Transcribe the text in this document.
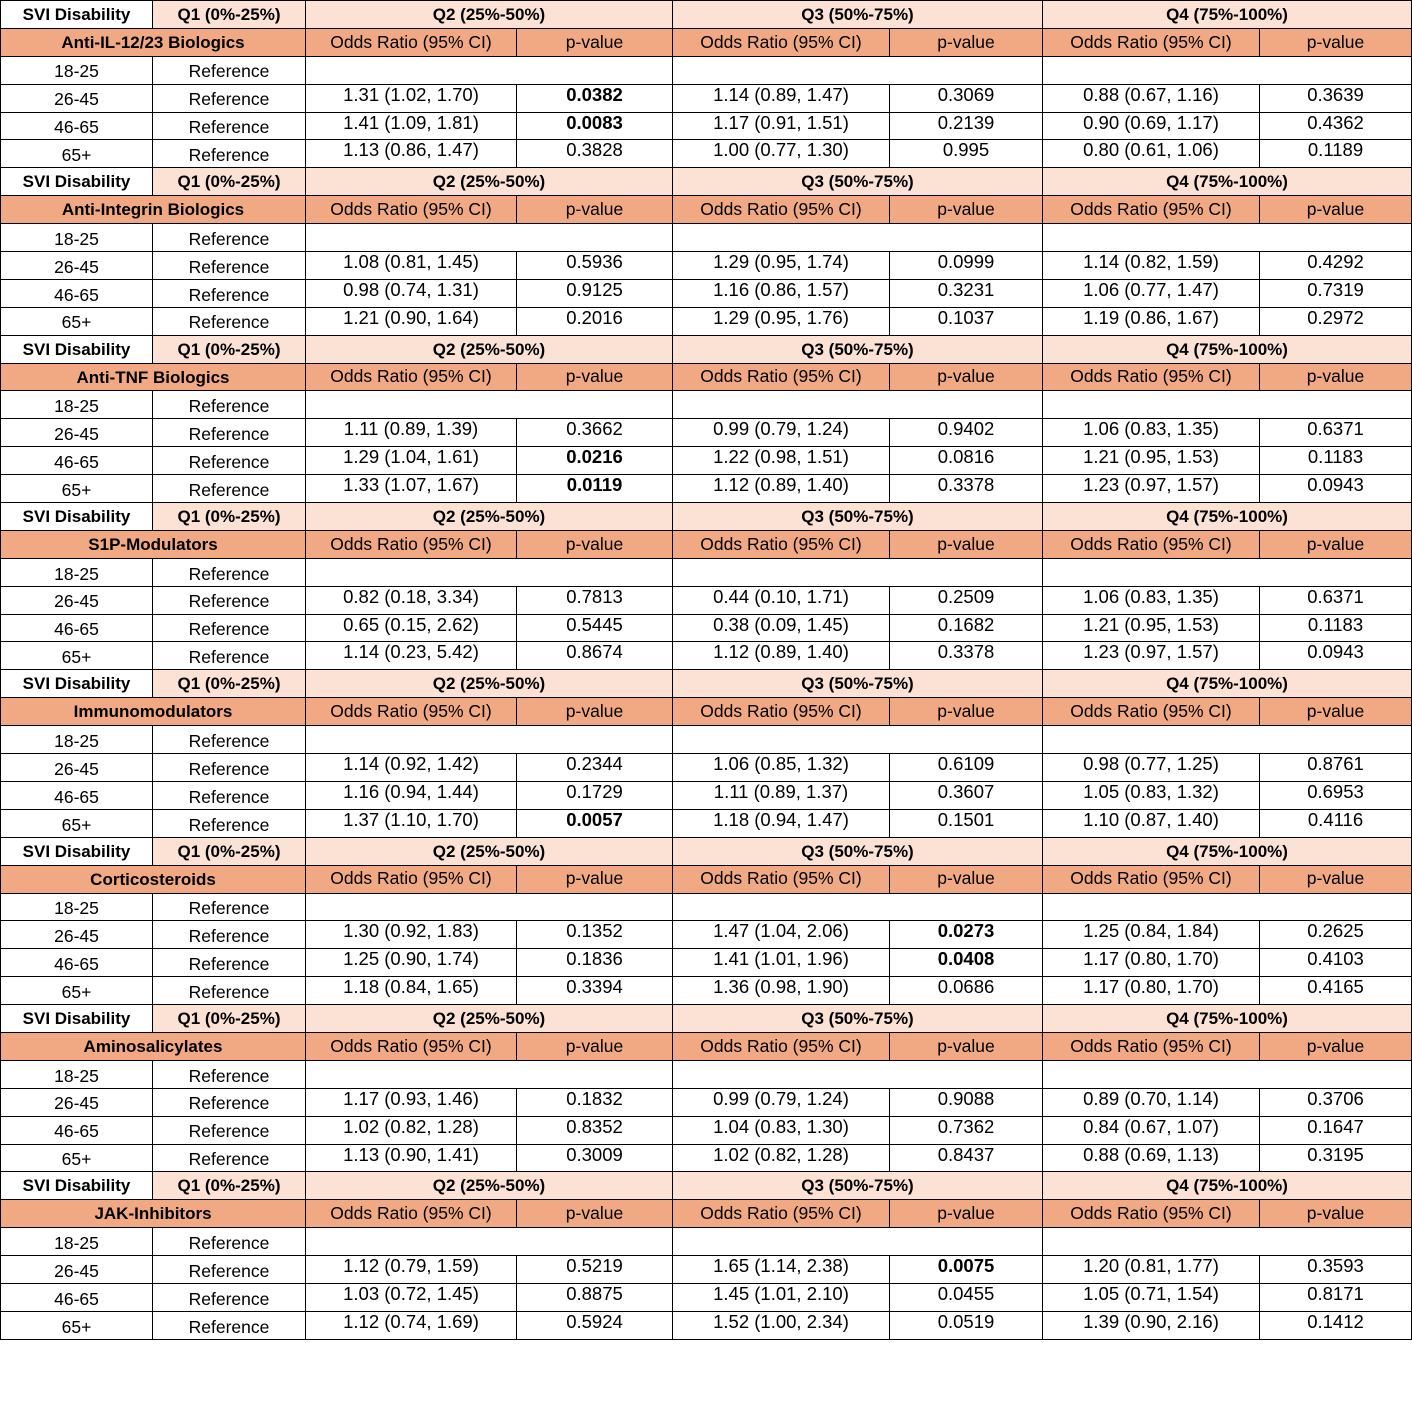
SVI Disability	Q1 (0%-25%)	Q2 (25%-50%)		Q3 (50%-75%)		Q4 (75%-100%)	
Anti-IL-12/23 Biologics		Odds Ratio (95% CI)	p-value	Odds Ratio (95% CI)	p-value	Odds Ratio (95% CI)	p-value
18-25	Reference						
26-45	Reference	1.31 (1.02, 1.70)	0.0382	1.14 (0.89, 1.47)	0.3069	0.88 (0.67, 1.16)	0.3639
46-65	Reference	1.41 (1.09, 1.81)	0.0083	1.17 (0.91, 1.51)	0.2139	0.90 (0.69, 1.17)	0.4362
65+	Reference	1.13 (0.86, 1.47)	0.3828	1.00 (0.77, 1.30)	0.995	0.80 (0.61, 1.06)	0.1189
SVI Disability	Q1 (0%-25%)	Q2 (25%-50%)		Q3 (50%-75%)		Q4 (75%-100%)	
Anti-Integrin Biologics		Odds Ratio (95% CI)	p-value	Odds Ratio (95% CI)	p-value	Odds Ratio (95% CI)	p-value
18-25	Reference						
26-45	Reference	1.08 (0.81, 1.45)	0.5936	1.29 (0.95, 1.74)	0.0999	1.14 (0.82, 1.59)	0.4292
46-65	Reference	0.98 (0.74, 1.31)	0.9125	1.16 (0.86, 1.57)	0.3231	1.06 (0.77, 1.47)	0.7319
65+	Reference	1.21 (0.90, 1.64)	0.2016	1.29 (0.95, 1.76)	0.1037	1.19 (0.86, 1.67)	0.2972
SVI Disability	Q1 (0%-25%)	Q2 (25%-50%)		Q3 (50%-75%)		Q4 (75%-100%)	
Anti-TNF Biologics		Odds Ratio (95% CI)	p-value	Odds Ratio (95% CI)	p-value	Odds Ratio (95% CI)	p-value
18-25	Reference						
26-45	Reference	1.11 (0.89, 1.39)	0.3662	0.99 (0.79, 1.24)	0.9402	1.06 (0.83, 1.35)	0.6371
46-65	Reference	1.29 (1.04, 1.61)	0.0216	1.22 (0.98, 1.51)	0.0816	1.21 (0.95, 1.53)	0.1183
65+	Reference	1.33 (1.07, 1.67)	0.0119	1.12 (0.89, 1.40)	0.3378	1.23 (0.97, 1.57)	0.0943
SVI Disability	Q1 (0%-25%)	Q2 (25%-50%)		Q3 (50%-75%)		Q4 (75%-100%)	
S1P-Modulators		Odds Ratio (95% CI)	p-value	Odds Ratio (95% CI)	p-value	Odds Ratio (95% CI)	p-value
18-25	Reference						
26-45	Reference	0.82 (0.18, 3.34)	0.7813	0.44 (0.10, 1.71)	0.2509	1.06 (0.83, 1.35)	0.6371
46-65	Reference	0.65 (0.15, 2.62)	0.5445	0.38 (0.09, 1.45)	0.1682	1.21 (0.95, 1.53)	0.1183
65+	Reference	1.14 (0.23, 5.42)	0.8674	1.12 (0.89, 1.40)	0.3378	1.23 (0.97, 1.57)	0.0943
SVI Disability	Q1 (0%-25%)	Q2 (25%-50%)		Q3 (50%-75%)		Q4 (75%-100%)	
Immunomodulators		Odds Ratio (95% CI)	p-value	Odds Ratio (95% CI)	p-value	Odds Ratio (95% CI)	p-value
18-25	Reference						
26-45	Reference	1.14 (0.92, 1.42)	0.2344	1.06 (0.85, 1.32)	0.6109	0.98 (0.77, 1.25)	0.8761
46-65	Reference	1.16 (0.94, 1.44)	0.1729	1.11 (0.89, 1.37)	0.3607	1.05 (0.83, 1.32)	0.6953
65+	Reference	1.37 (1.10, 1.70)	0.0057	1.18 (0.94, 1.47)	0.1501	1.10 (0.87, 1.40)	0.4116
SVI Disability	Q1 (0%-25%)	Q2 (25%-50%)		Q3 (50%-75%)		Q4 (75%-100%)	
Corticosteroids		Odds Ratio (95% CI)	p-value	Odds Ratio (95% CI)	p-value	Odds Ratio (95% CI)	p-value
18-25	Reference						
26-45	Reference	1.30 (0.92, 1.83)	0.1352	1.47 (1.04, 2.06)	0.0273	1.25 (0.84, 1.84)	0.2625
46-65	Reference	1.25 (0.90, 1.74)	0.1836	1.41 (1.01, 1.96)	0.0408	1.17 (0.80, 1.70)	0.4103
65+	Reference	1.18 (0.84, 1.65)	0.3394	1.36 (0.98, 1.90)	0.0686	1.17 (0.80, 1.70)	0.4165
SVI Disability	Q1 (0%-25%)	Q2 (25%-50%)		Q3 (50%-75%)		Q4 (75%-100%)	
Aminosalicylates		Odds Ratio (95% CI)	p-value	Odds Ratio (95% CI)	p-value	Odds Ratio (95% CI)	p-value
18-25	Reference						
26-45	Reference	1.17 (0.93, 1.46)	0.1832	0.99 (0.79, 1.24)	0.9088	0.89 (0.70, 1.14)	0.3706
46-65	Reference	1.02 (0.82, 1.28)	0.8352	1.04 (0.83, 1.30)	0.7362	0.84 (0.67, 1.07)	0.1647
65+	Reference	1.13 (0.90, 1.41)	0.3009	1.02 (0.82, 1.28)	0.8437	0.88 (0.69, 1.13)	0.3195
SVI Disability	Q1 (0%-25%)	Q2 (25%-50%)		Q3 (50%-75%)		Q4 (75%-100%)	
JAK-Inhibitors		Odds Ratio (95% CI)	p-value	Odds Ratio (95% CI)	p-value	Odds Ratio (95% CI)	p-value
18-25	Reference						
26-45	Reference	1.12 (0.79, 1.59)	0.5219	1.65 (1.14, 2.38)	0.0075	1.20 (0.81, 1.77)	0.3593
46-65	Reference	1.03 (0.72, 1.45)	0.8875	1.45 (1.01, 2.10)	0.0455	1.05 (0.71, 1.54)	0.8171
65+	Reference	1.12 (0.74, 1.69)	0.5924	1.52 (1.00, 2.34)	0.0519	1.39 (0.90, 2.16)	0.1412
